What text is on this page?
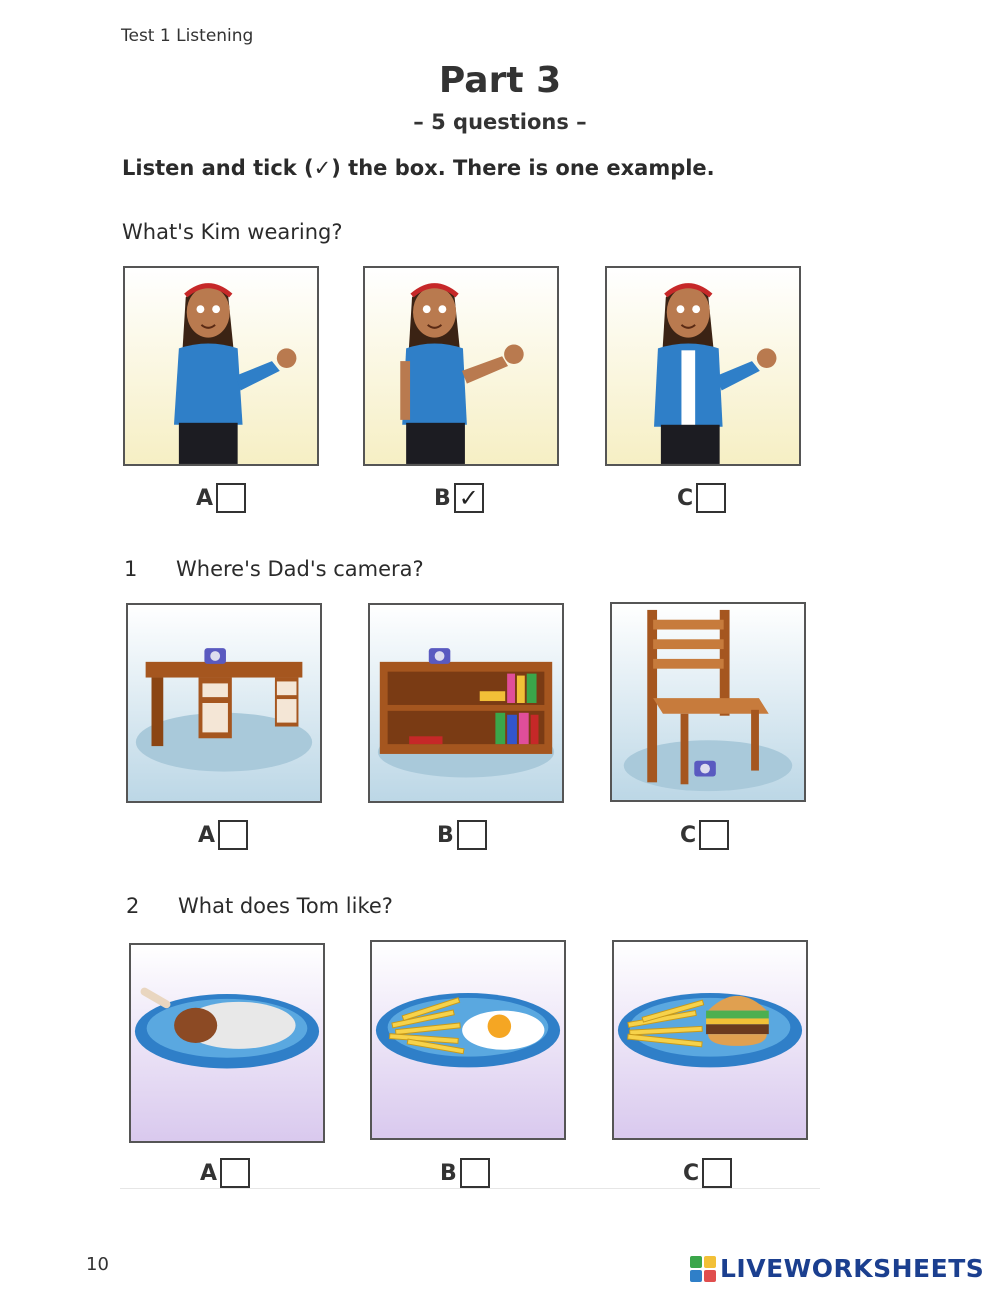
Test 1 Listening
Part 3
– 5 questions –
Listen and tick (✓) the box. There is one example.
What's Kim wearing?
A	B ✓	C
1 Where's Dad's camera?
A	B	C
2 What does Tom like?
A	B	C
10	LIVEWORKSHEETS
